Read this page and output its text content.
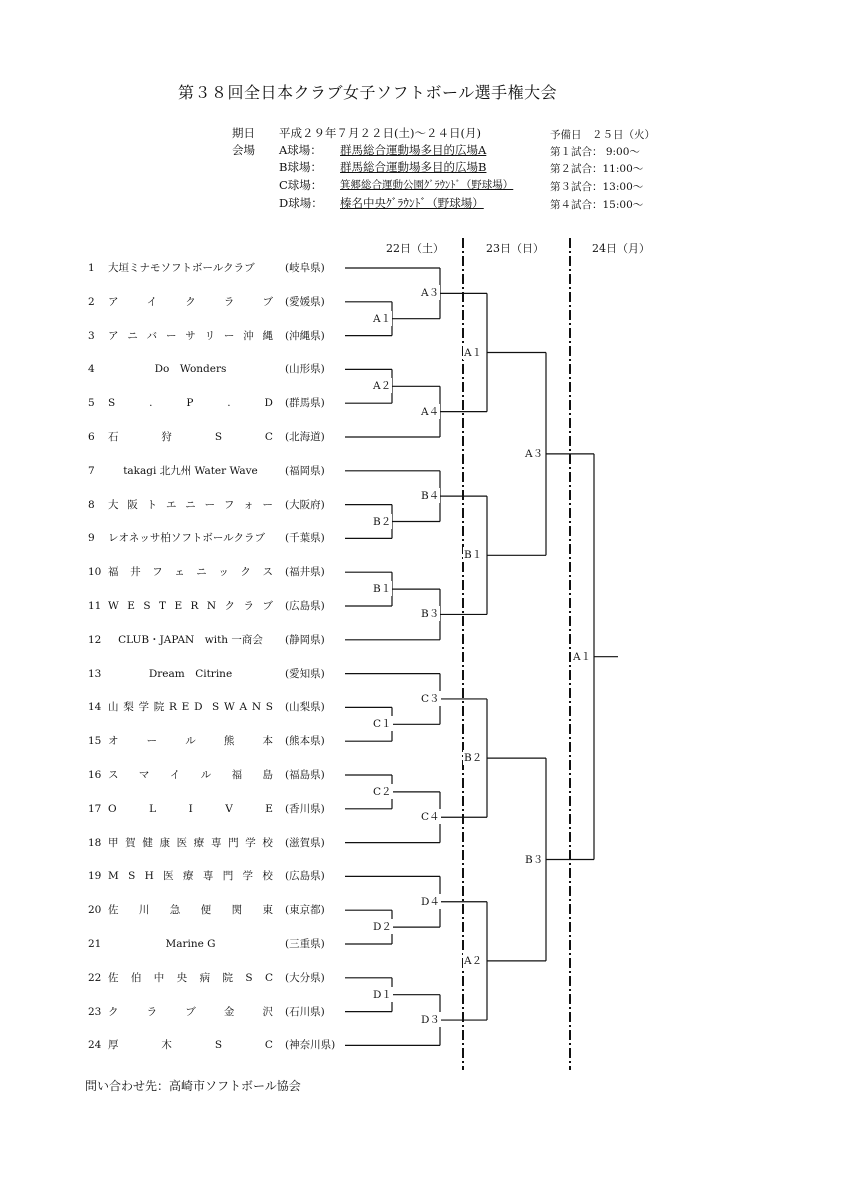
第３８回全日本クラブ女子ソフトボール選手権大会
期日 平成２９年７月２２日(土)～２４日(月)
会場 A球場： 群馬総合運動場多目的広場A
B球場： 群馬総合運動場多目的広場B
C球場： 箕郷総合運動公園ｸﾞﾗｳﾝﾄﾞ（野球場）
D球場： 榛名中央ｸﾞﾗｳﾝﾄﾞ（野球場）
予備日　２５日（火）
第１試合： 9:00～
第２試合：11:00～
第３試合：13:00～
第４試合：15:00～
22日（土）	23日（日）	24日（月）
1	大垣ミナモソフトボールクラブ	(岐阜県)
2	ア	イ	ク	ラ	ブ (愛媛県)
3	ア ニ バ ー サ リ ー 沖 縄 (沖縄県)
4	Do　Wonders	(山形県)
5	S	.	P	.	D (群馬県)
6	石	狩	S	C (北海道)
7	takagi 北九州 Water Wave	(福岡県)
8	大 阪 ト エ ニ ー フ ォ ー (大阪府)
9	レオネッサ柏ソフトボールクラブ	(千葉県)
10 福 井 フ ェ ニ ッ ク ス (福井県)
11 W E S T E R N ク ラ ブ (広島県)
12	CLUB・JAPAN　with 一商会	(静岡県)
13	Dream　Citrine	(愛知県)
14 山 梨 学 院 R E D S W A N S (山梨県)
15 オ	ー	ル	熊	本 (熊本県)
16 ス マ イ ル 福 島 (福島県)
17 O	L	I	V	E (香川県)
18 甲 賀 健 康 医 療 専 門 学 校 (滋賀県)
19 M S H 医 療 専 門 学 校 (広島県)
20 佐 川 急 便 関 東 (東京都)
21	Marine G	(三重県)
22 佐 伯 中 央 病 院 S C (大分県)
23 ク	ラ	ブ	金	沢 (石川県)
24 厚	木	S	C (神奈川県)
A１
A３
A２
A４
B２
B４
B１
B３
C１
C３
C２
C４
D２
D４
D１
D３
A１
B１
B２
A２
A３
B３
A１
問い合わせ先：高崎市ソフトボール協会
